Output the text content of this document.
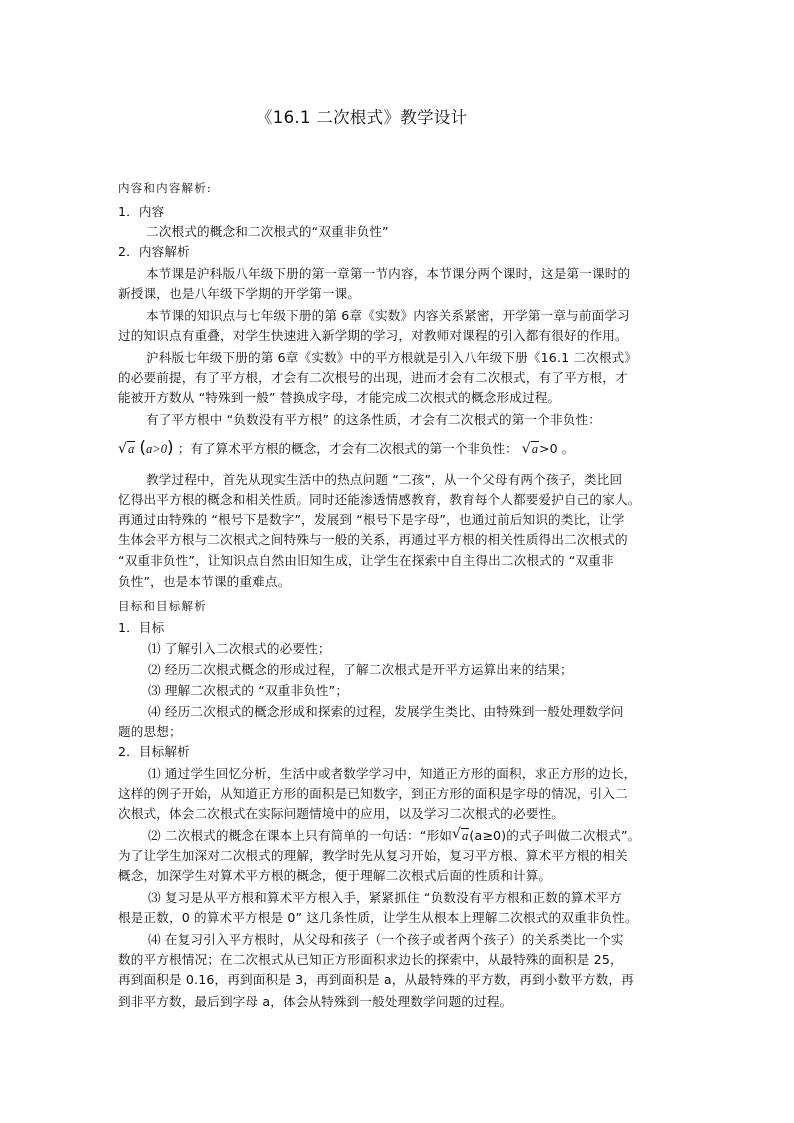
《16.1 二次根式》教学设计
内容和内容解析:
1．内容
二次根式的概念和二次根式的“双重非负性”
2．内容解析
本节课是沪科版八年级下册的第一章第一节内容，本节课分两个课时，这是第一课时的
新授课，也是八年级下学期的开学第一课。
本节课的知识点与七年级下册的第 6章《实数》内容关系紧密，开学第一章与前面学习
过的知识点有重叠，对学生快速进入新学期的学习，对教师对课程的引入都有很好的作用。
沪科版七年级下册的第 6章《实数》中的平方根就是引入八年级下册《16.1 二次根式》
的必要前提，有了平方根，才会有二次根号的出现，进而才会有二次根式，有了平方根，才
能被开方数从 “特殊到一般” 替换成字母，才能完成二次根式的概念形成过程。
有了平方根中 “负数没有平方根” 的这条性质，才会有二次根式的第一个非负性：
√ a (a>0) ；有了算术平方根的概念，才会有二次根式的第一个非负性： √ a>0 。
教学过程中，首先从现实生活中的热点问题 “二孩”，从一个父母有两个孩子，类比回
忆得出平方根的概念和相关性质。同时还能渗透情感教育，教育每个人都要爱护自己的家人。
再通过由特殊的 “根号下是数字”，发展到 “根号下是字母”，也通过前后知识的类比，让学
生体会平方根与二次根式之间特殊与一般的关系，再通过平方根的相关性质得出二次根式的
“双重非负性”，让知识点自然由旧知生成，让学生在探索中自主得出二次根式的 “双重非
负性”，也是本节课的重难点。
目标和目标解析
1．目标
⑴ 了解引入二次根式的必要性；
⑵ 经历二次根式概念的形成过程，了解二次根式是开平方运算出来的结果；
⑶ 理解二次根式的 “双重非负性”；
⑷ 经历二次根式的概念形成和探索的过程，发展学生类比、由特殊到一般处理数学问
题的思想；
2．目标解析
⑴ 通过学生回忆分析，生活中或者数学学习中，知道正方形的面积，求正方形的边长，
这样的例子开始，从知道正方形的面积是已知数字，到正方形的面积是字母的情况，引入二
次根式，体会二次根式在实际问题情境中的应用，以及学习二次根式的必要性。
⑵ 二次根式的概念在课本上只有简单的一句话：“形如 √ a(a≥0)的式子叫做二次根式”。
为了让学生加深对二次根式的理解，教学时先从复习开始，复习平方根、算术平方根的相关
概念，加深学生对算术平方根的概念，便于理解二次根式后面的性质和计算。
⑶ 复习是从平方根和算术平方根入手，紧紧抓住 “负数没有平方根和正数的算术平方
根是正数，0 的算术平方根是 0” 这几条性质，让学生从根本上理解二次根式的双重非负性。
⑷ 在复习引入平方根时，从父母和孩子（一个孩子或者两个孩子）的关系类比一个实
数的平方根情况；在二次根式从已知正方形面积求边长的探索中，从最特殊的面积是 25，
再到面积是 0.16，再到面积是 3，再到面积是 a，从最特殊的平方数，再到小数平方数，再
到非平方数，最后到字母 a，体会从特殊到一般处理数学问题的过程。
